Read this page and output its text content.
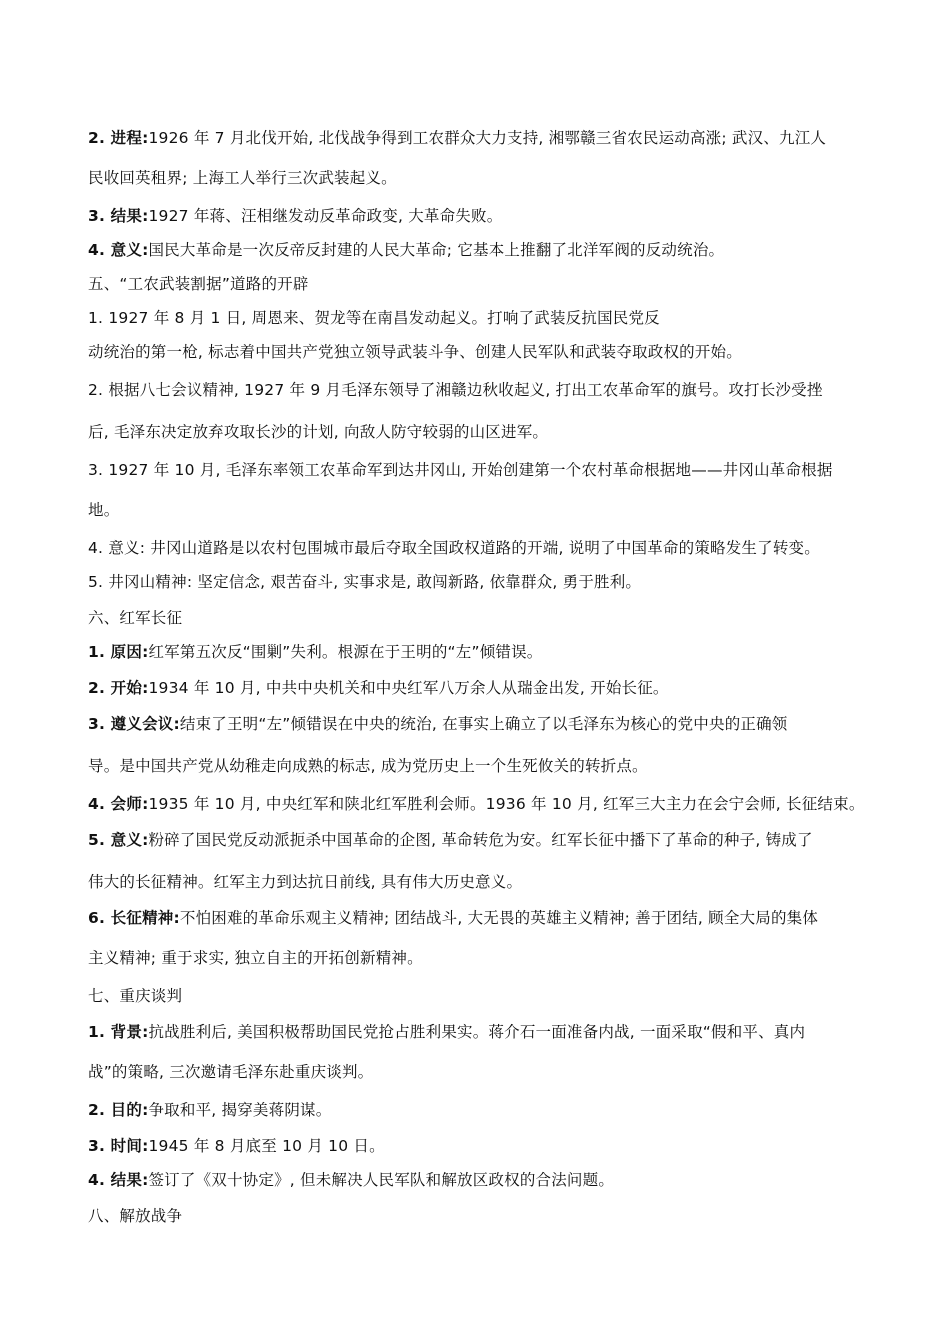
2. 进程:1926 年 7 月北伐开始, 北伐战争得到工农群众大力支持, 湘鄂赣三省农民运动高涨; 武汉、九江人
民收回英租界; 上海工人举行三次武装起义。
3. 结果:1927 年蒋、汪相继发动反革命政变, 大革命失败。
4. 意义:国民大革命是一次反帝反封建的人民大革命; 它基本上推翻了北洋军阀的反动统治。
五、“工农武装割据”道路的开辟
1. 1927 年 8 月 1 日, 周恩来、贺龙等在南昌发动起义。打响了武装反抗国民党反
动统治的第一枪, 标志着中国共产党独立领导武装斗争、创建人民军队和武装夺取政权的开始。
2. 根据八七会议精神, 1927 年 9 月毛泽东领导了湘赣边秋收起义, 打出工农革命军的旗号。攻打长沙受挫
后, 毛泽东决定放弃攻取长沙的计划, 向敌人防守较弱的山区进军。
3. 1927 年 10 月, 毛泽东率领工农革命军到达井冈山, 开始创建第一个农村革命根据地——井冈山革命根据
地。
4. 意义: 井冈山道路是以农村包围城市最后夺取全国政权道路的开端, 说明了中国革命的策略发生了转变。
5. 井冈山精神: 坚定信念, 艰苦奋斗, 实事求是, 敢闯新路, 依靠群众, 勇于胜利。
六、红军长征
1. 原因:红军第五次反“围剿”失利。根源在于王明的“左”倾错误。
2. 开始:1934 年 10 月, 中共中央机关和中央红军八万余人从瑞金出发, 开始长征。
3. 遵义会议:结束了王明“左”倾错误在中央的统治, 在事实上确立了以毛泽东为核心的党中央的正确领
导。是中国共产党从幼稚走向成熟的标志, 成为党历史上一个生死攸关的转折点。
4. 会师:1935 年 10 月, 中央红军和陕北红军胜利会师。1936 年 10 月, 红军三大主力在会宁会师, 长征结束。
5. 意义:粉碎了国民党反动派扼杀中国革命的企图, 革命转危为安。红军长征中播下了革命的种子, 铸成了
伟大的长征精神。红军主力到达抗日前线, 具有伟大历史意义。
6. 长征精神:不怕困难的革命乐观主义精神; 团结战斗, 大无畏的英雄主义精神; 善于团结, 顾全大局的集体
主义精神; 重于求实, 独立自主的开拓创新精神。
七、重庆谈判
1. 背景:抗战胜利后, 美国积极帮助国民党抢占胜利果实。蒋介石一面准备内战, 一面采取“假和平、真内
战”的策略, 三次邀请毛泽东赴重庆谈判。
2. 目的:争取和平, 揭穿美蒋阴谋。
3. 时间:1945 年 8 月底至 10 月 10 日。
4. 结果:签订了《双十协定》, 但未解决人民军队和解放区政权的合法问题。
八、解放战争
